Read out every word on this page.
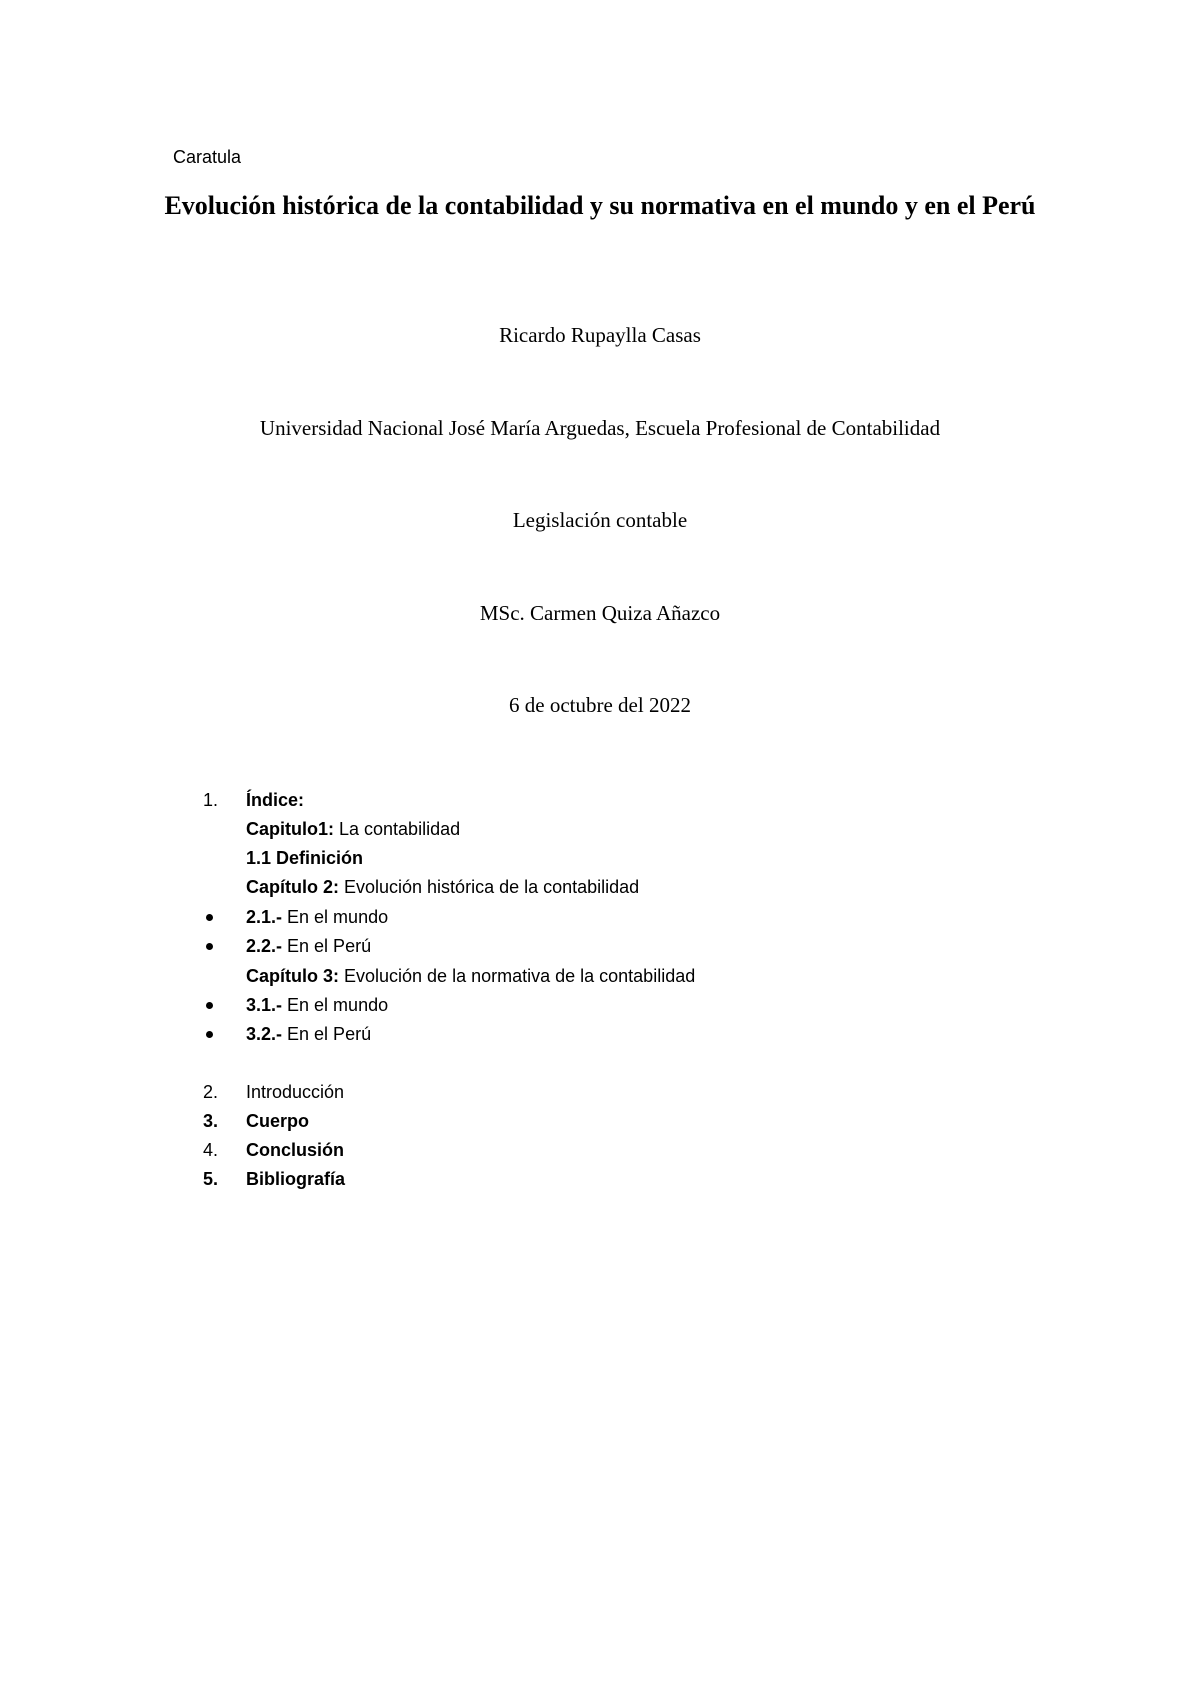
Caratula
Evolución histórica de la contabilidad y su normativa en el mundo y en el Perú
Ricardo Rupaylla Casas
Universidad Nacional José María Arguedas, Escuela Profesional de Contabilidad
Legislación contable
MSc. Carmen Quiza Añazco
6 de octubre del 2022
1. Índice:
Capitulo1: La contabilidad
1.1 Definición
Capítulo 2: Evolución histórica de la contabilidad
2.1.- En el mundo
2.2.- En el Perú
Capítulo 3: Evolución de la normativa de la contabilidad
3.1.- En el mundo
3.2.- En el Perú
2. Introducción
3. Cuerpo
4. Conclusión
5. Bibliografía
